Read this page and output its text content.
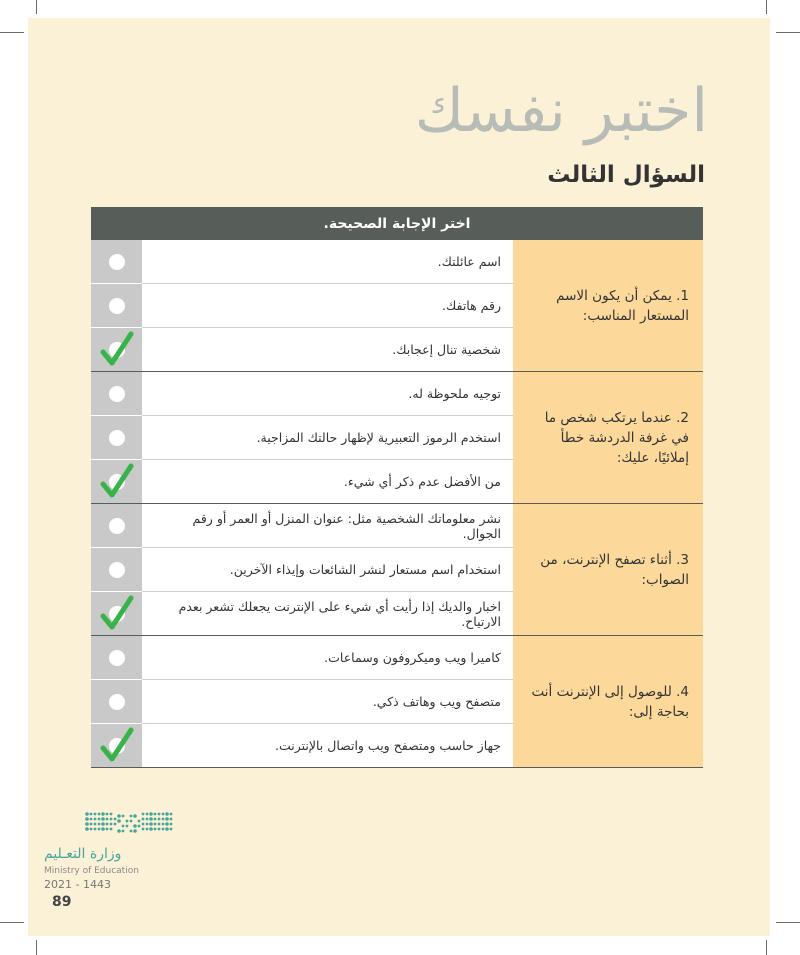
اختبر نفسك
السؤال الثالث
اختر الإجابة الصحيحة.		
1. يمكن أن يكون الاسم المستعار المناسب:	اسم عائلتك.	
	رقم هاتفك.	
	شخصية تنال إعجابك.	

2. عندما يرتكب شخص ما في غرفة الدردشة خطأ إملائيًا، عليك:	توجيه ملحوظة له.	
	استخدم الرموز التعبيرية لإظهار حالتك المزاجية.	
	من الأفضل عدم ذكر أي شيء.	

3. أثناء تصفح الإنترنت، من الصواب:	نشر معلوماتك الشخصية مثل: عنوان المنزل أو العمر أو رقم الجوال.	
	استخدام اسم مستعار لنشر الشائعات وإيذاء الآخرين.	
	اخبار والديك إذا رأيت أي شيء على الإنترنت يجعلك تشعر بعدم الارتياح.	

4. للوصول إلى الإنترنت أنت بحاجة إلى:	كاميرا ويب وميكروفون وسماعات.	
	متصفح ويب وهاتف ذكي.	
	جهاز حاسب ومتصفح ويب واتصال بالإنترنت.	
وزارة التعـليم
Ministry of Education
2021 - 1443
89
